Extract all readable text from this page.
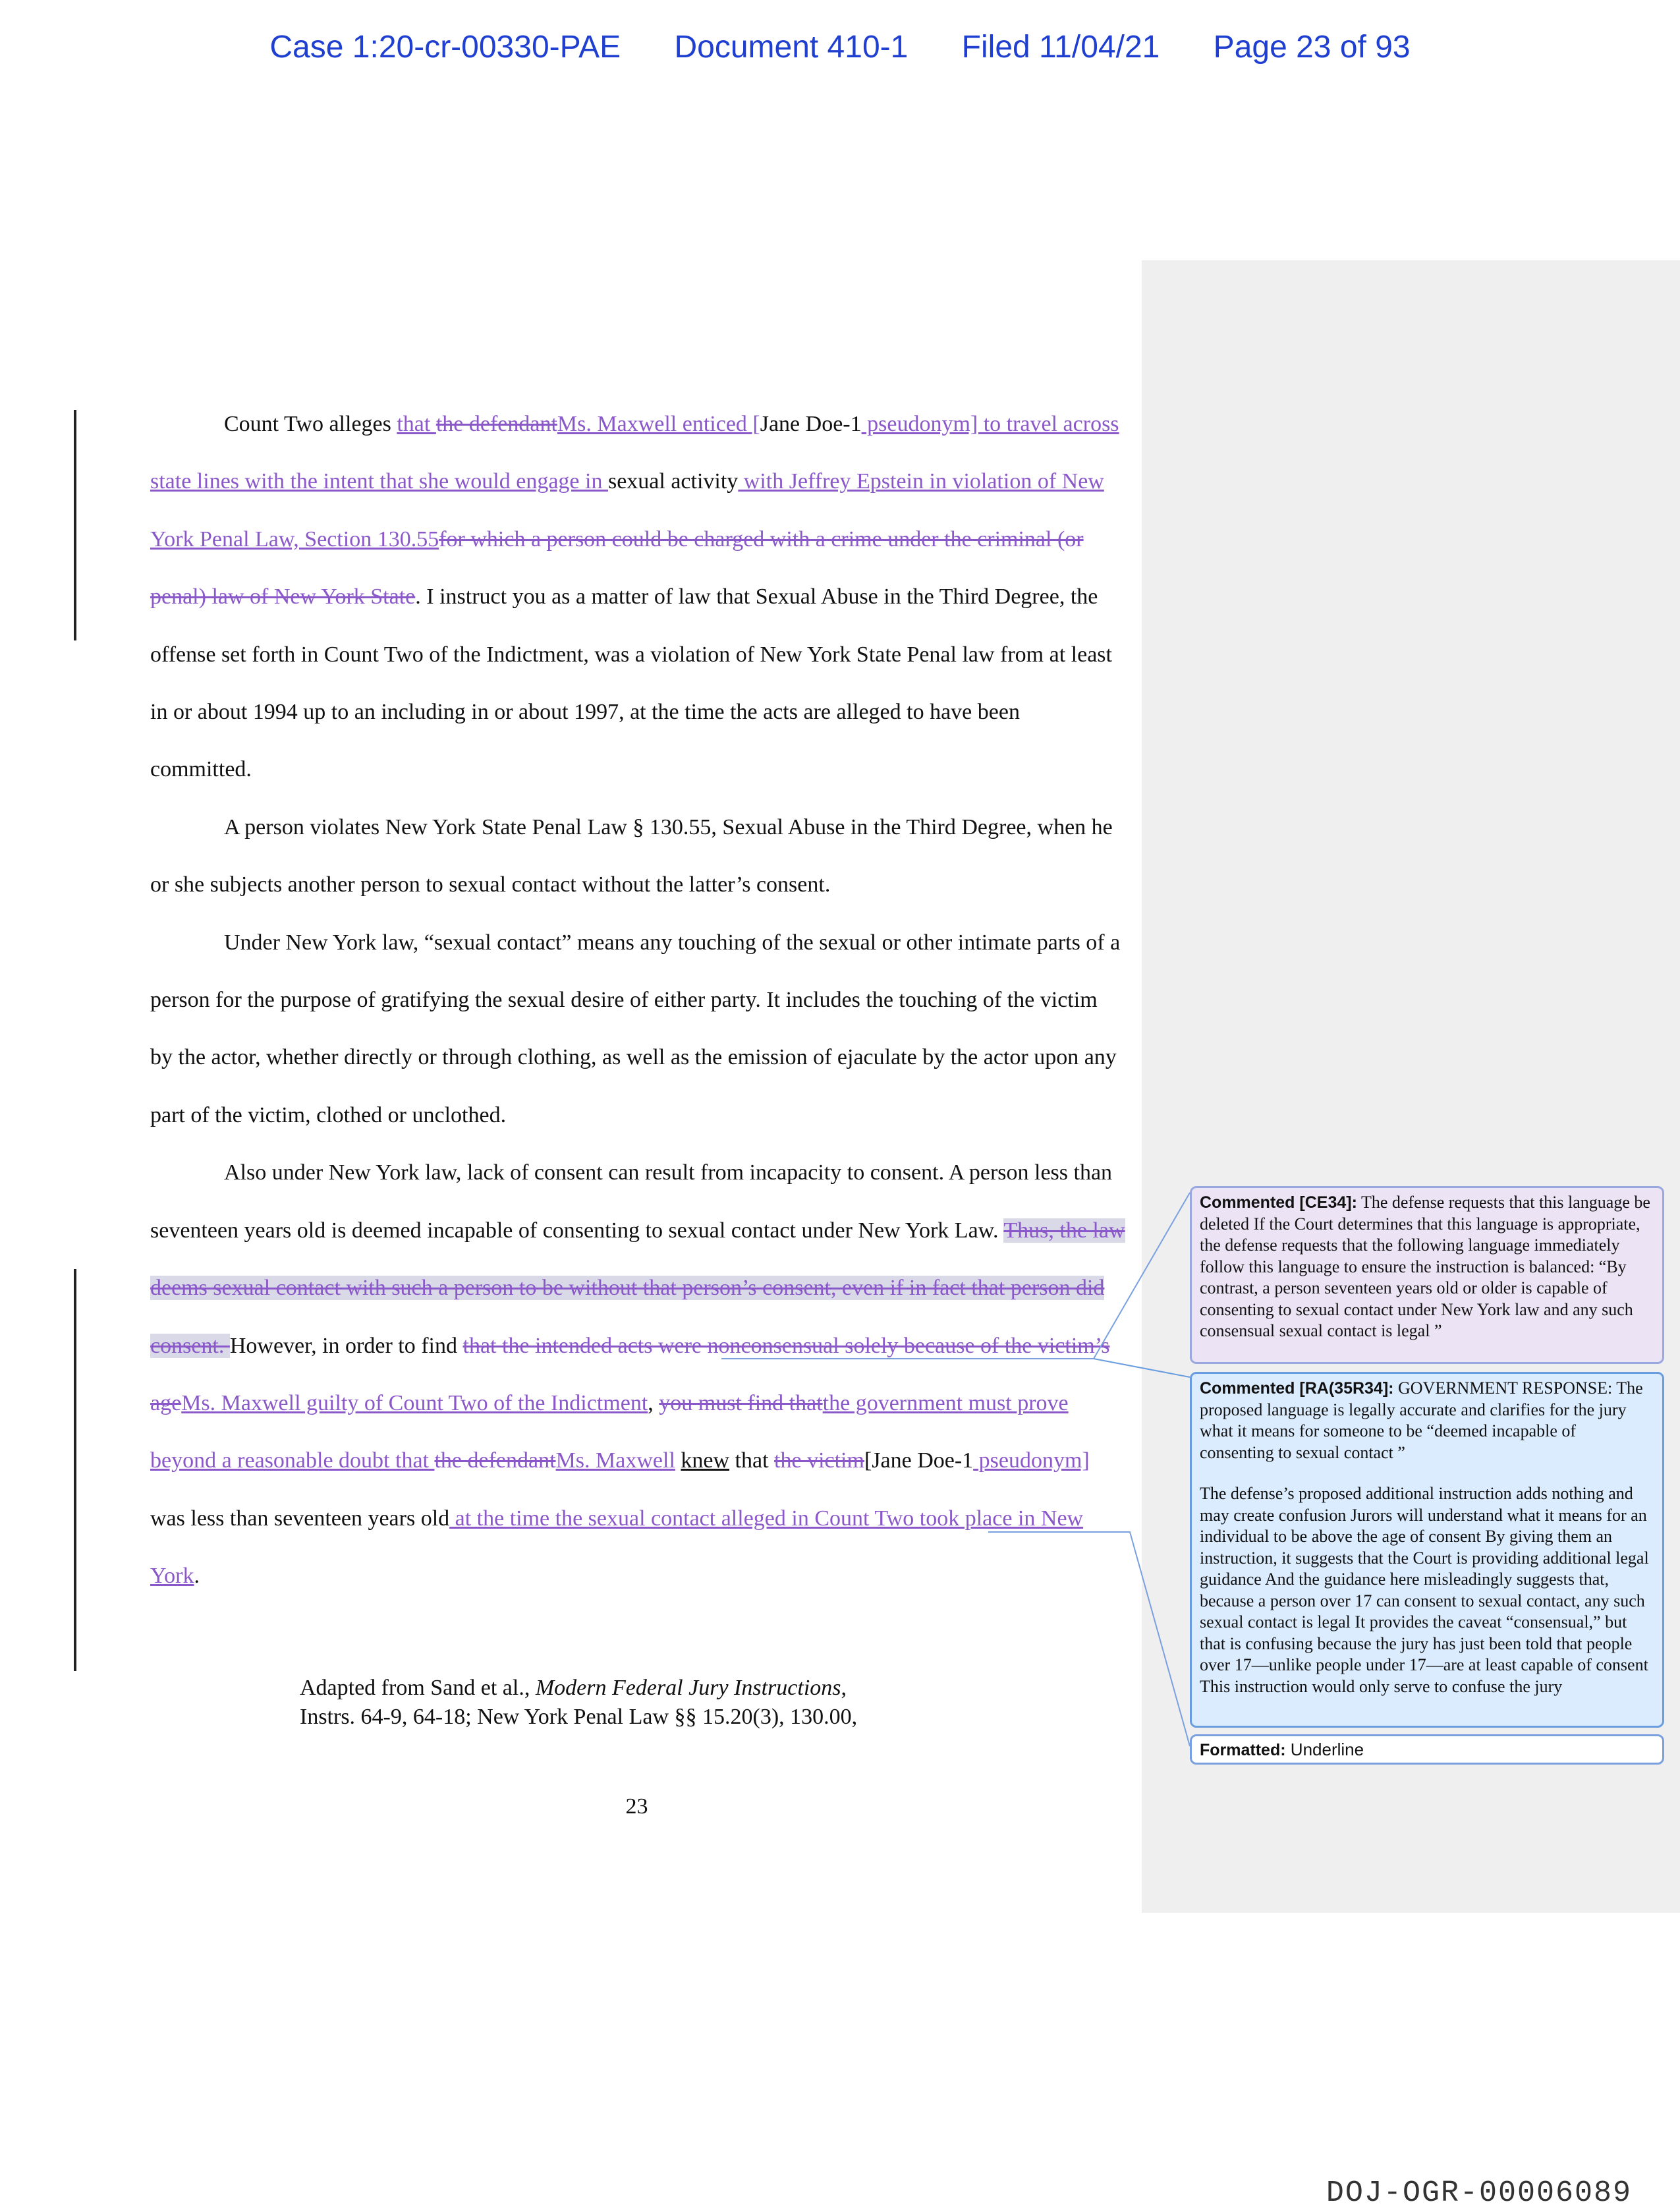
Case 1:20-cr-00330-PAE Document 410-1 Filed 11/04/21 Page 23 of 93

Count Two alleges that the defendantMs. Maxwell enticed [Jane Doe-1 pseudonym] to travel across state lines with the intent that she would engage in sexual activity with Jeffrey Epstein in violation of New York Penal Law, Section 130.55for which a person could be charged with a crime under the criminal (or penal) law of New York State. I instruct you as a matter of law that Sexual Abuse in the Third Degree, the offense set forth in Count Two of the Indictment, was a violation of New York State Penal law from at least in or about 1994 up to an including in or about 1997, at the time the acts are alleged to have been committed.

A person violates New York State Penal Law § 130.55, Sexual Abuse in the Third Degree, when he or she subjects another person to sexual contact without the latter’s consent.

Under New York law, “sexual contact” means any touching of the sexual or other intimate parts of a person for the purpose of gratifying the sexual desire of either party. It includes the touching of the victim by the actor, whether directly or through clothing, as well as the emission of ejaculate by the actor upon any part of the victim, clothed or unclothed.

Also under New York law, lack of consent can result from incapacity to consent. A person less than seventeen years old is deemed incapable of consenting to sexual contact under New York Law. Thus, the law deems sexual contact with such a person to be without that person’s consent, even if in fact that person did consent. However, in order to find that the intended acts were nonconsensual solely because of the victim’s ageMs. Maxwell guilty of Count Two of the Indictment, you must find thatthe government must prove beyond a reasonable doubt that the defendantMs. Maxwell knew that the victim[Jane Doe-1 pseudonym] was less than seventeen years old at the time the sexual contact alleged in Count Two took place in New York.

Adapted from Sand et al., Modern Federal Jury Instructions,
Instrs. 64-9, 64-18; New York Penal Law §§ 15.20(3), 130.00,
23
Commented [CE34]: The defense requests that this language be deleted If the Court determines that this language is appropriate, the defense requests that the following language immediately follow this language to ensure the instruction is balanced: “By contrast, a person seventeen years old or older is capable of consenting to sexual contact under New York law and any such consensual sexual contact is legal ”
Commented [RA(35R34]: GOVERNMENT RESPONSE: The proposed language is legally accurate and clarifies for the jury what it means for someone to be “deemed incapable of consenting to sexual contact ”
The defense’s proposed additional instruction adds nothing and may create confusion Jurors will understand what it means for an individual to be above the age of consent By giving them an instruction, it suggests that the Court is providing additional legal guidance And the guidance here misleadingly suggests that, because a person over 17 can consent to sexual contact, any such sexual contact is legal It provides the caveat “consensual,” but that is confusing because the jury has just been told that people over 17—unlike people under 17—are at least capable of consent This instruction would only serve to confuse the jury
Formatted: Underline
DOJ-OGR-00006089
